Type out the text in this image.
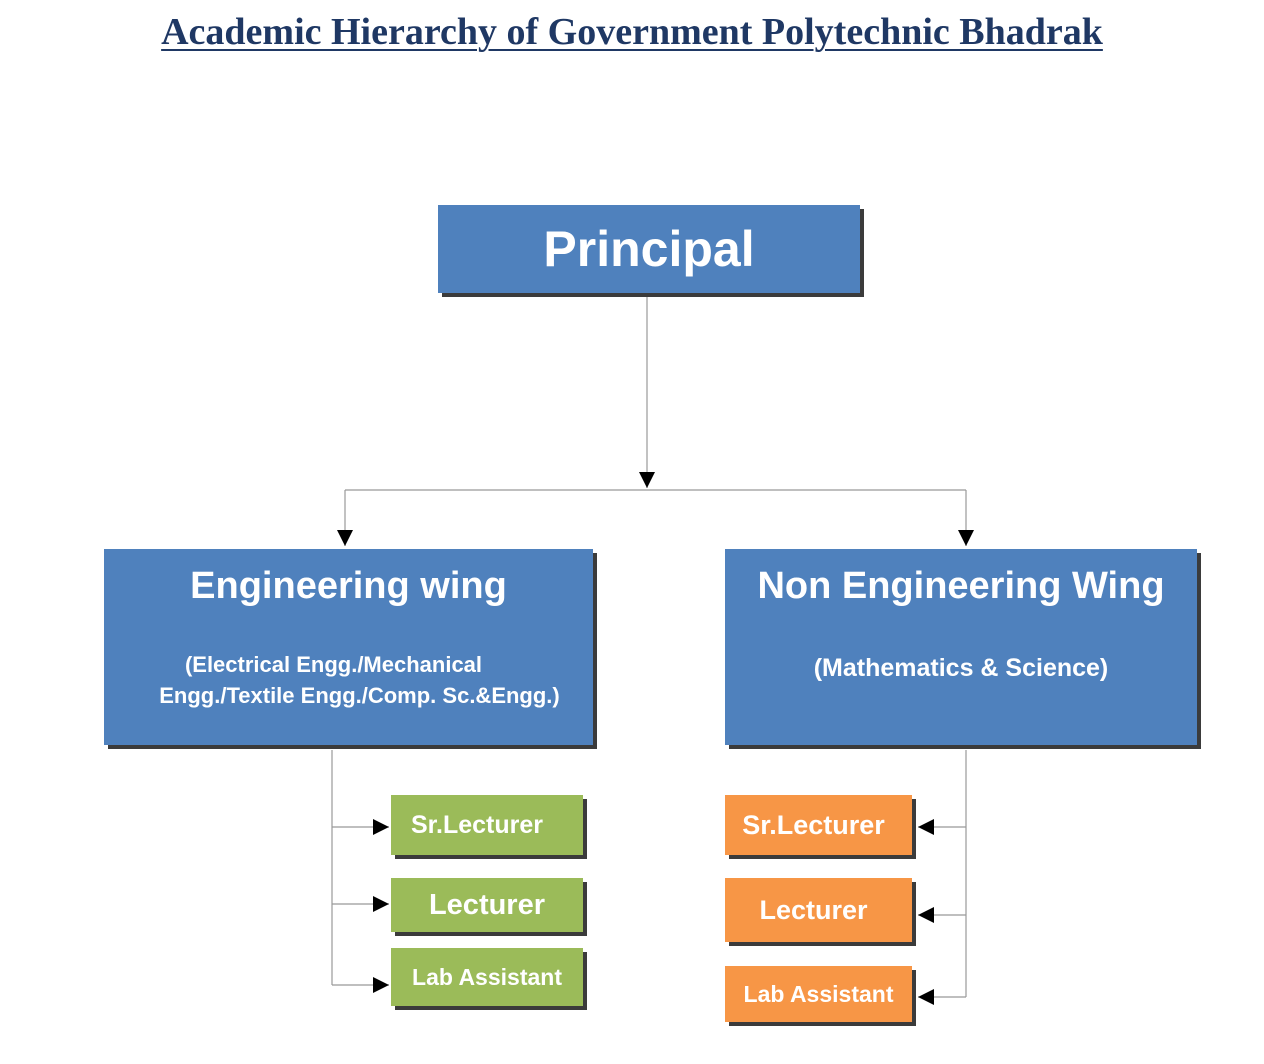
Academic Hierarchy of Government Polytechnic Bhadrak
Principal
Engineering wing
(Electrical Engg./Mechanical
Engg./Textile Engg./Comp. Sc.&Engg.)
Non Engineering Wing
(Mathematics & Science)
Sr.Lecturer
Lecturer
Lab Assistant
Sr.Lecturer
Lecturer
Lab Assistant
